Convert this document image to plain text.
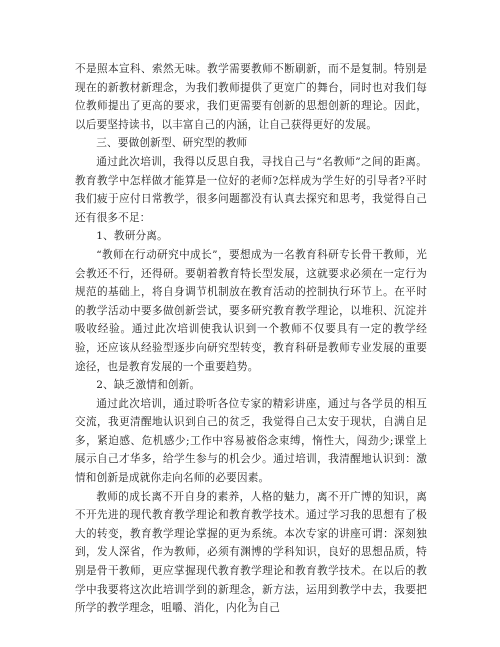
不是照本宣科、索然无味。教学需要教师不断刷新，而不是复制。特别是现在的新教材新理念，为我们教师提供了更宽广的舞台，同时也对我们每位教师提出了更高的要求，我们更需要有创新的思想创新的理论。因此，以后要坚持读书，以丰富自己的内涵，让自己获得更好的发展。

三、要做创新型、研究型的教师

通过此次培训，我得以反思自我，寻找自己与“名教师”之间的距离。教育教学中怎样做才能算是一位好的老师?怎样成为学生好的引导者?平时我们疲于应付日常教学，很多问题都没有认真去探究和思考，我觉得自己还有很多不足：

1、教研分离。

“教师在行动研究中成长”，要想成为一名教育科研专长骨干教师，光会教还不行，还得研。要朝着教育特长型发展，这就要求必须在一定行为规范的基础上，将自身调节机制放在教育活动的控制执行环节上。在平时的教学活动中要多做创新尝试，要多研究教育教学理论，以堆积、沉淀并吸收经验。通过此次培训使我认识到一个教师不仅要具有一定的教学经验，还应该从经验型逐步向研究型转变，教育科研是教师专业发展的重要途径，也是教育发展的一个重要趋势。

2、缺乏激情和创新。

通过此次培训，通过聆听各位专家的精彩讲座，通过与各学员的相互交流，我更清醒地认识到自己的贫乏，我觉得自己太安于现状，自满自足多，紧迫感、危机感少;工作中容易被俗念束缚，惰性大，闯劲少;课堂上展示自己才华多，给学生参与的机会少。通过培训，我清醒地认识到：激情和创新是成就你走向名师的必要因素。

教师的成长离不开自身的素养，人格的魅力，离不开广博的知识，离不开先进的现代教育教学理论和教育教学技术。通过学习我的思想有了极大的转变，教育教学理论掌握的更为系统。本次专家的讲座可谓：深刻独到，发人深省，作为教师，必须有渊博的学科知识，良好的思想品质，特别是骨干教师，更应掌握现代教育教学理论和教育教学技术。在以后的教学中我要将这次此培训学到的新理念，新方法，运用到教学中去，我要把所学的教学理念，咀嚼、消化，内化为自己

3
